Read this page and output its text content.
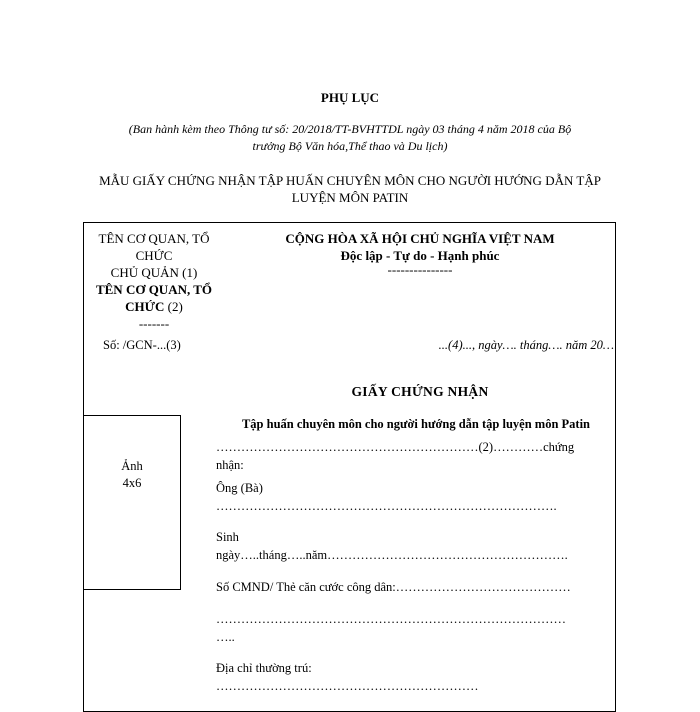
PHỤ LỤC
(Ban hành kèm theo Thông tư số: 20/2018/TT-BVHTTDL ngày 03 tháng 4 năm 2018 của Bộ
trưởng Bộ Văn hóa,Thể thao và Du lịch)
MẪU GIẤY CHỨNG NHẬN TẬP HUẤN CHUYÊN MÔN CHO NGƯỜI HƯỚNG DẪN TẬP
LUYỆN MÔN PATIN
TÊN CƠ QUAN, TỔ
CHỨC
CHỦ QUẢN (1)
TÊN CƠ QUAN, TỔ
CHỨC (2)
-------
CỘNG HÒA XÃ HỘI CHỦ NGHĨA VIỆT NAM
Độc lập - Tự do - Hạnh phúc
---------------
Số: /GCN-...(3)	...(4)..., ngày…. tháng…. năm 20…
GIẤY CHỨNG NHẬN
Ảnh
4x6
Tập huấn chuyên môn cho người hướng dẫn tập luyện môn Patin
………………………………………………………(2)…………chứng
nhận:
Ông (Bà)
……………………………………………………………………….
Sinh
ngày…..tháng…..năm………………………………………………….
Số CMND/ Thẻ căn cước công dân:……………………………………
…………………………………………………………………………
…..
Địa chỉ thường trú:
………………………………………………………
